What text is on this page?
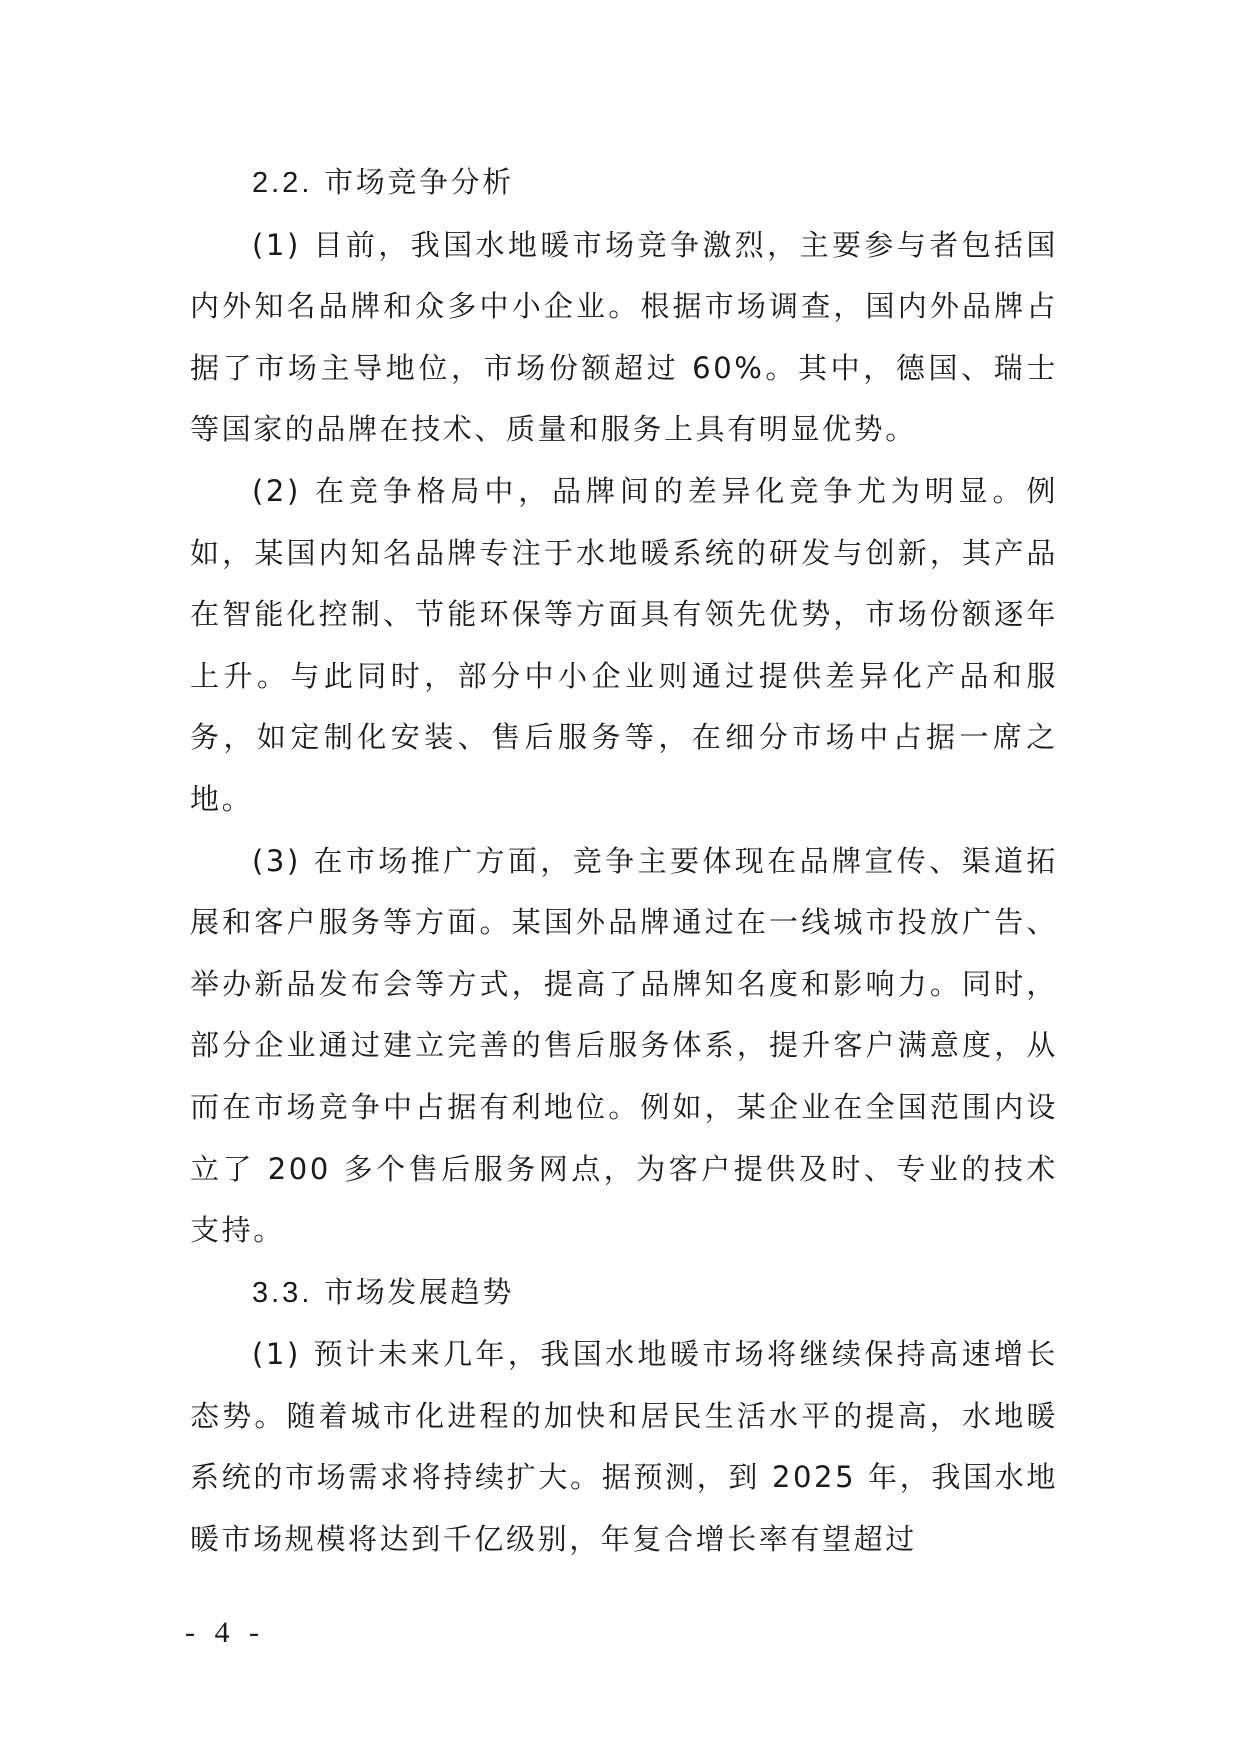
2.2. 市场竞争分析

(1) 目前，我国水地暖市场竞争激烈，主要参与者包括国内外知名品牌和众多中小企业。根据市场调查，国内外品牌占据了市场主导地位，市场份额超过 60%。其中，德国、瑞士等国家的品牌在技术、质量和服务上具有明显优势。

(2) 在竞争格局中，品牌间的差异化竞争尤为明显。例如，某国内知名品牌专注于水地暖系统的研发与创新，其产品在智能化控制、节能环保等方面具有领先优势，市场份额逐年上升。与此同时，部分中小企业则通过提供差异化产品和服务，如定制化安装、售后服务等，在细分市场中占据一席之地。

(3) 在市场推广方面，竞争主要体现在品牌宣传、渠道拓展和客户服务等方面。某国外品牌通过在一线城市投放广告、举办新品发布会等方式，提高了品牌知名度和影响力。同时，部分企业通过建立完善的售后服务体系，提升客户满意度，从而在市场竞争中占据有利地位。例如，某企业在全国范围内设立了 200 多个售后服务网点，为客户提供及时、专业的技术支持。

3.3. 市场发展趋势

(1) 预计未来几年，我国水地暖市场将继续保持高速增长态势。随着城市化进程的加快和居民生活水平的提高，水地暖系统的市场需求将持续扩大。据预测，到 2025 年，我国水地暖市场规模将达到千亿级别，年复合增长率有望超过

- 4 -
